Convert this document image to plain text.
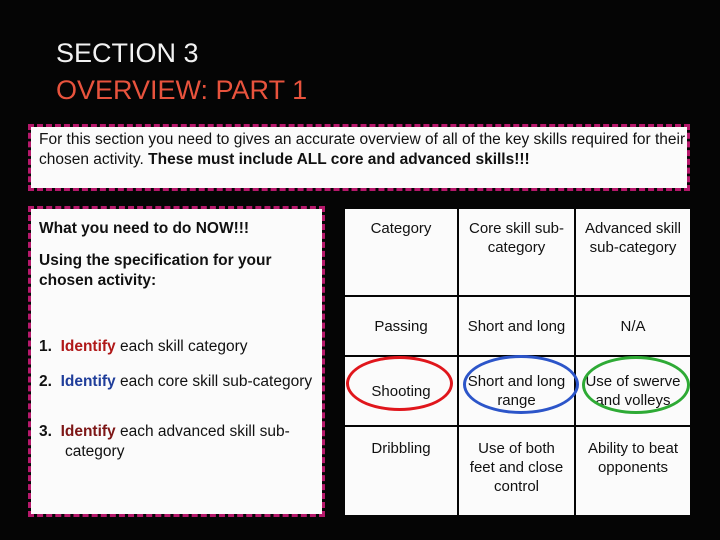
SECTION 3
OVERVIEW: PART 1
For this section you need to gives an accurate overview of all of the key skills required for their chosen activity. These must include ALL core and advanced skills!!!
What you need to do NOW!!!
Using the specification for your chosen activity:
1. Identify each skill category
2. Identify each core skill sub-category
3. Identify each advanced skill sub-category
Category	Core skill sub-category	Advanced skill sub-category
Passing	Short and long	N/A
Shooting	Short and long range	Use of swerve and volleys
Dribbling	Use of both feet and close control	Ability to beat opponents
